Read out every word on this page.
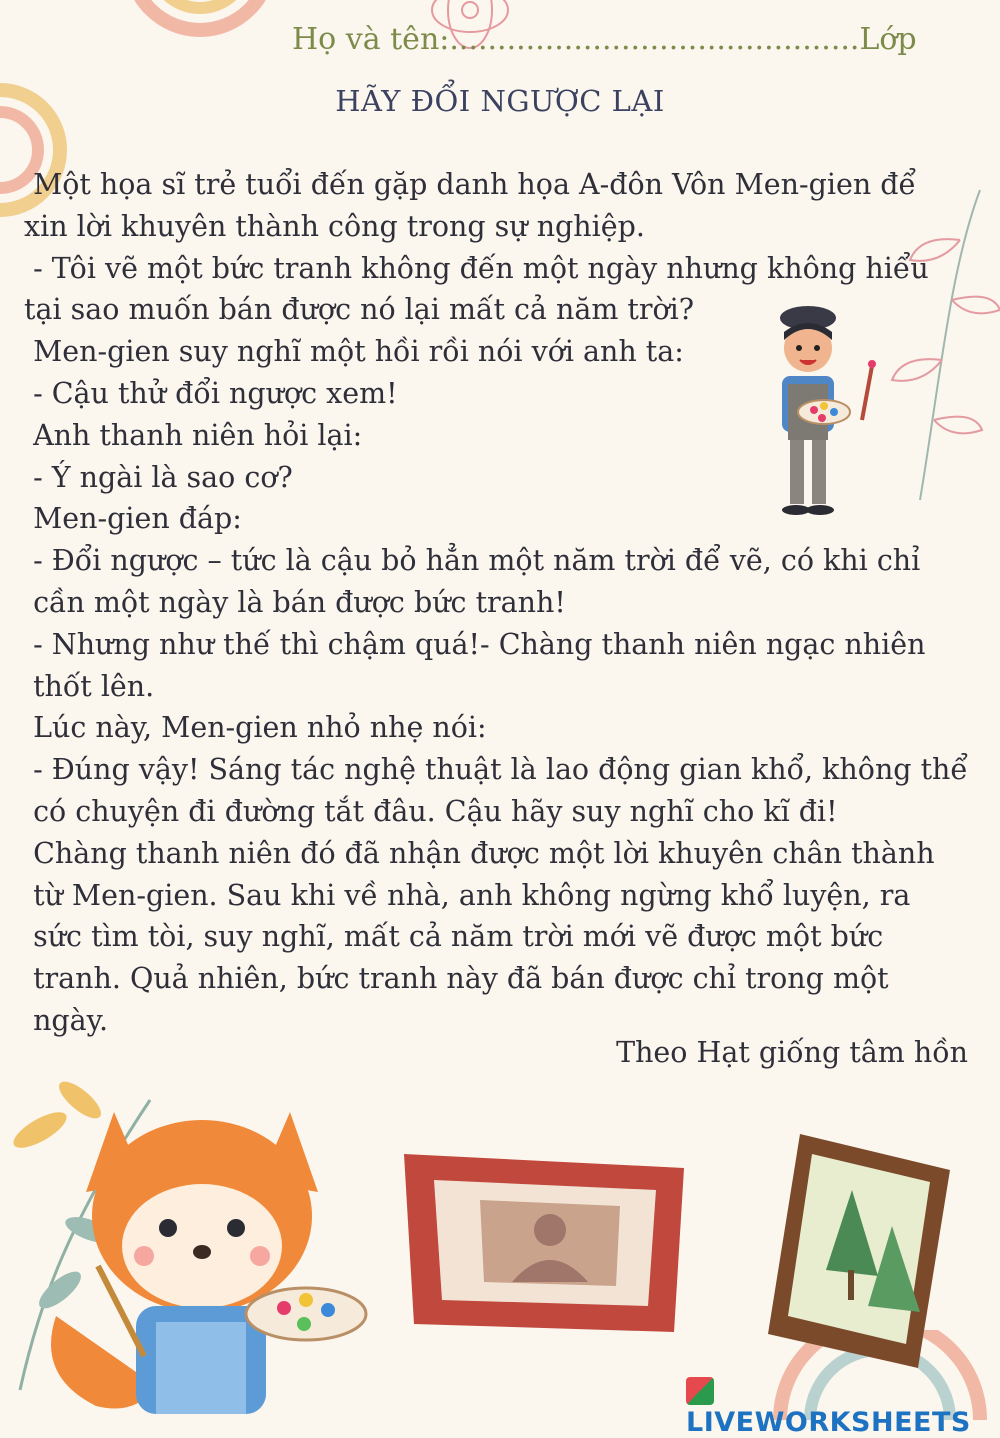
Họ và tên:...........................................Lớp
HÃY ĐỔI NGƯỢC LẠI
Một họa sĩ trẻ tuổi đến gặp danh họa A-đôn Vôn Men-gien để
xin lời khuyên thành công trong sự nghiệp.
- Tôi vẽ một bức tranh không đến một ngày nhưng không hiểu
tại sao muốn bán được nó lại mất cả năm trời?
Men-gien suy nghĩ một hồi rồi nói với anh ta:
- Cậu thử đổi ngược xem!
Anh thanh niên hỏi lại:
- Ý ngài là sao cơ?
Men-gien đáp:
- Đổi ngược – tức là cậu bỏ hẳn một năm trời để vẽ, có khi chỉ
cần một ngày là bán được bức tranh!
- Nhưng như thế thì chậm quá!- Chàng thanh niên ngạc nhiên
thốt lên.
Lúc này, Men-gien nhỏ nhẹ nói:
- Đúng vậy! Sáng tác nghệ thuật là lao động gian khổ, không thể
có chuyện đi đường tắt đâu. Cậu hãy suy nghĩ cho kĩ đi!
Chàng thanh niên đó đã nhận được một lời khuyên chân thành
từ Men-gien. Sau khi về nhà, anh không ngừng khổ luyện, ra
sức tìm tòi, suy nghĩ, mất cả năm trời mới vẽ được một bức
tranh. Quả nhiên, bức tranh này đã bán được chỉ trong một
ngày.
Theo Hạt giống tâm hồn
LIVEWORKSHEETS
